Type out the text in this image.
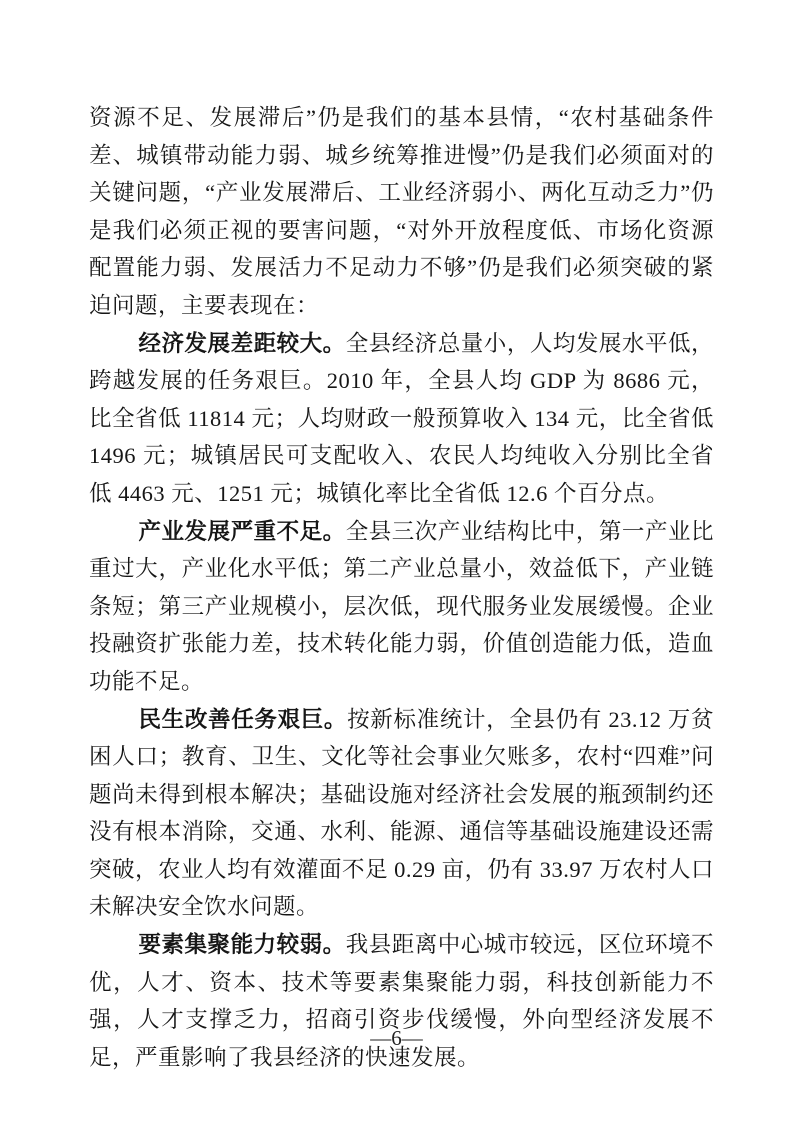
资源不足、发展滞后”仍是我们的基本县情，“农村基础条件差、城镇带动能力弱、城乡统筹推进慢”仍是我们必须面对的关键问题，“产业发展滞后、工业经济弱小、两化互动乏力”仍是我们必须正视的要害问题，“对外开放程度低、市场化资源配置能力弱、发展活力不足动力不够”仍是我们必须突破的紧迫问题，主要表现在：

经济发展差距较大。全县经济总量小，人均发展水平低，跨越发展的任务艰巨。2010 年，全县人均 GDP 为 8686 元，比全省低 11814 元；人均财政一般预算收入 134 元，比全省低 1496 元；城镇居民可支配收入、农民人均纯收入分别比全省低 4463 元、1251 元；城镇化率比全省低 12.6 个百分点。

产业发展严重不足。全县三次产业结构比中，第一产业比重过大，产业化水平低；第二产业总量小，效益低下，产业链条短；第三产业规模小，层次低，现代服务业发展缓慢。企业投融资扩张能力差，技术转化能力弱，价值创造能力低，造血功能不足。

民生改善任务艰巨。按新标准统计，全县仍有 23.12 万贫困人口；教育、卫生、文化等社会事业欠账多，农村“四难”问题尚未得到根本解决；基础设施对经济社会发展的瓶颈制约还没有根本消除，交通、水利、能源、通信等基础设施建设还需突破，农业人均有效灌面不足 0.29 亩，仍有 33.97 万农村人口未解决安全饮水问题。

要素集聚能力较弱。我县距离中心城市较远，区位环境不优，人才、资本、技术等要素集聚能力弱，科技创新能力不强，人才支撑乏力，招商引资步伐缓慢，外向型经济发展不足，严重影响了我县经济的快速发展。

—6—
